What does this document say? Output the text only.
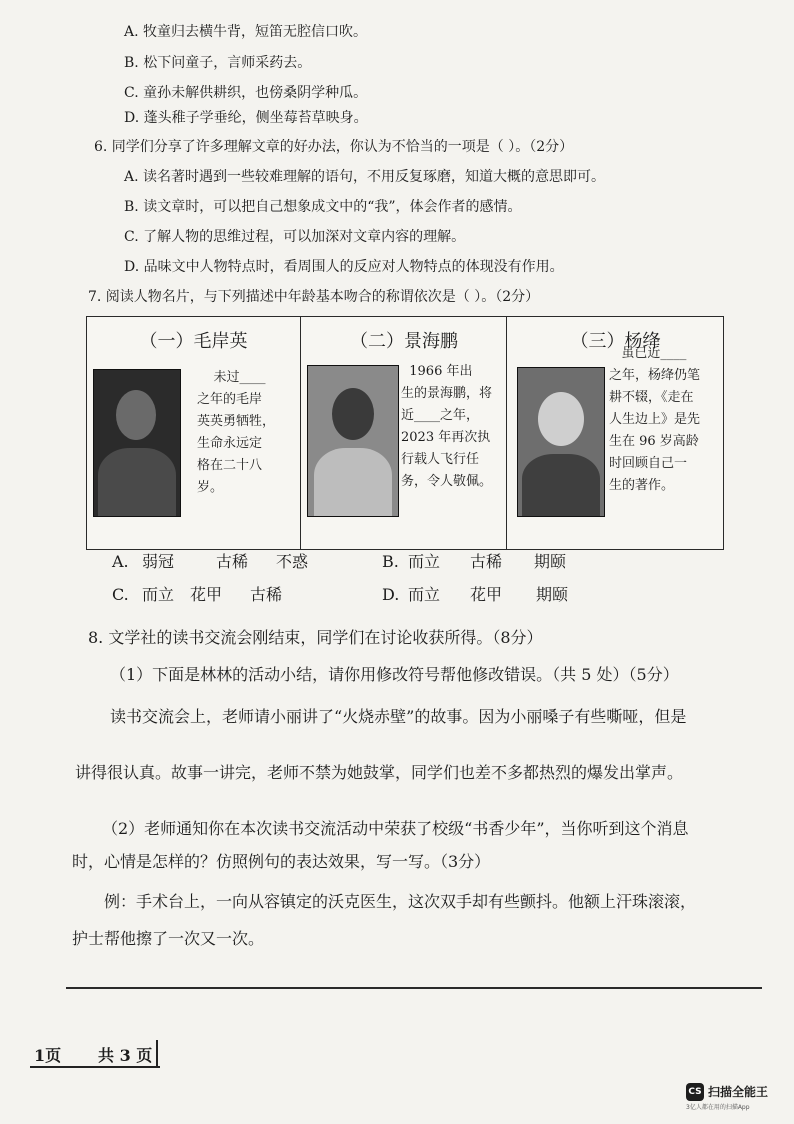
A. 牧童归去横牛背，短笛无腔信口吹。
B. 松下问童子，言师采药去。
C. 童孙未解供耕织，也傍桑阴学种瓜。
D. 蓬头稚子学垂纶，侧坐莓苔草映身。
6. 同学们分享了许多理解文章的好办法，你认为不恰当的一项是（ ）。（2分）
A. 读名著时遇到一些较难理解的语句，不用反复琢磨，知道大概的意思即可。
B. 读文章时，可以把自己想象成文中的“我”，体会作者的感情。
C. 了解人物的思维过程，可以加深对文章内容的理解。
D. 品味文中人物特点时，看周围人的反应对人物特点的体现没有作用。
7. 阅读人物名片，与下列描述中年龄基本吻合的称谓依次是（ ）。（2分）
（一）毛岸英
未过____
之年的毛岸
英英勇牺牲，
生命永远定
格在二十八
岁。
（二）景海鹏
1966 年出
生的景海鹏，将
近____之年，
2023 年再次执
行载人飞行任
务，令人敬佩。
（三）杨绛
虽已近____
之年，杨绛仍笔
耕不辍，《走在
人生边上》是先
生在 96 岁高龄
时回顾自己一
生的著作。
A. 弱冠	古稀 不惑	B. 而立 古稀 期颐
C. 而立 花甲 古稀	D. 而立 花甲 期颐
8. 文学社的读书交流会刚结束，同学们在讨论收获所得。（8分）
（1）下面是林林的活动小结，请你用修改符号帮他修改错误。（共 5 处）（5分）
读书交流会上，老师请小丽讲了“火烧赤壁”的故事。因为小丽嗓子有些嘶哑，但是
讲得很认真。故事一讲完，老师不禁为她鼓掌，同学们也差不多都热烈的爆发出掌声。
（2）老师通知你在本次读书交流活动中荣获了校级“书香少年”，当你听到这个消息
时，心情是怎样的？仿照例句的表达效果，写一写。（3分）
例：手术台上，一向从容镇定的沃克医生，这次双手却有些颤抖。他额上汗珠滚滚，
护士帮他擦了一次又一次。
1页 共 3 页
CS 扫描全能王
3亿人都在用的扫描App
